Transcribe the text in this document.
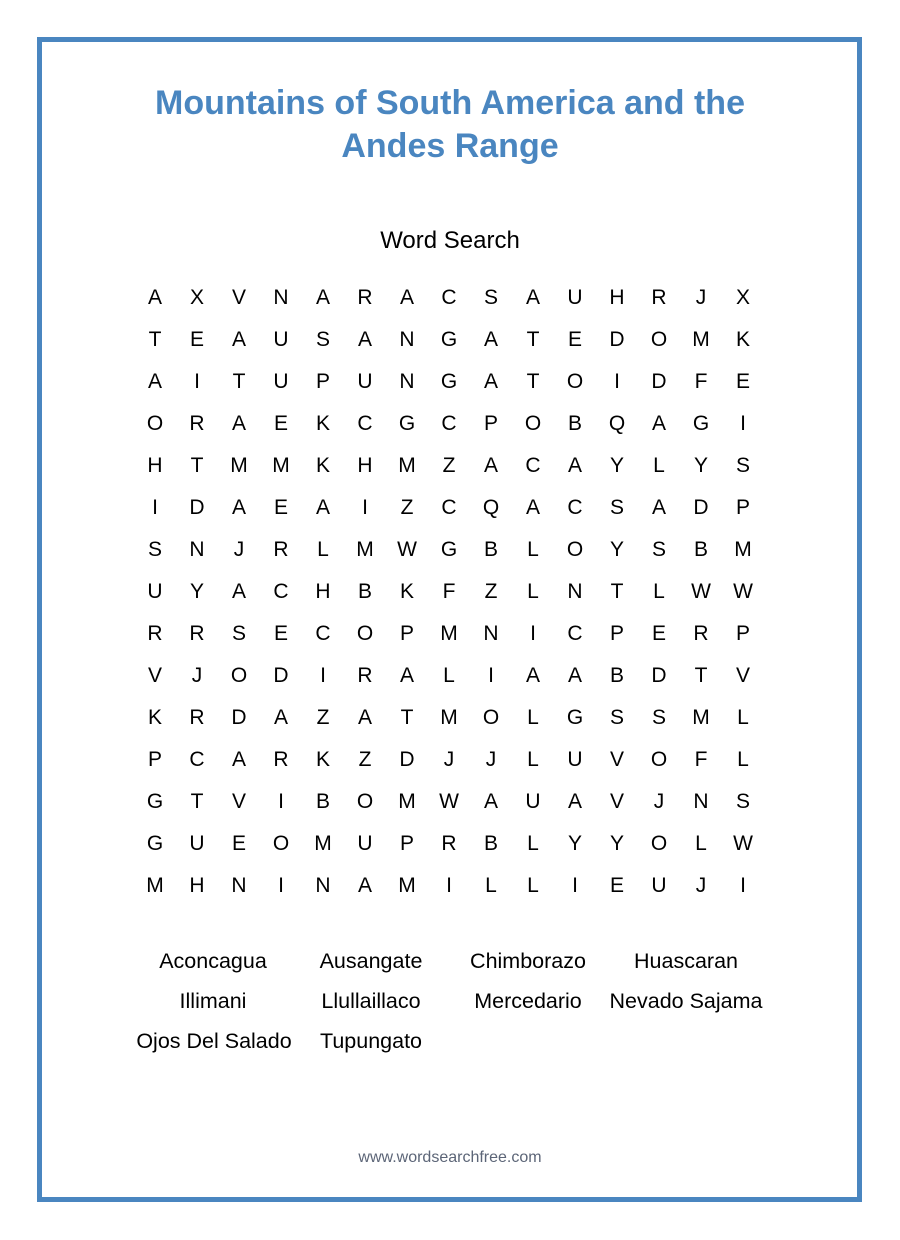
Mountains of South America and the
Andes Range
Word Search
A	X	V	N	A	R	A	C	S	A	U	H	R	J	X
T	E	A	U	S	A	N	G	A	T	E	D	O	M	K
A	I	T	U	P	U	N	G	A	T	O	I	D	F	E
O	R	A	E	K	C	G	C	P	O	B	Q	A	G	I
H	T	M	M	K	H	M	Z	A	C	A	Y	L	Y	S
I	D	A	E	A	I	Z	C	Q	A	C	S	A	D	P
S	N	J	R	L	M	W	G	B	L	O	Y	S	B	M
U	Y	A	C	H	B	K	F	Z	L	N	T	L	W	W
R	R	S	E	C	O	P	M	N	I	C	P	E	R	P
V	J	O	D	I	R	A	L	I	A	A	B	D	T	V
K	R	D	A	Z	A	T	M	O	L	G	S	S	M	L
P	C	A	R	K	Z	D	J	J	L	U	V	O	F	L
G	T	V	I	B	O	M	W	A	U	A	V	J	N	S
G	U	E	O	M	U	P	R	B	L	Y	Y	O	L	W
M	H	N	I	N	A	M	I	L	L	I	E	U	J	I
Aconcagua Ausangate Chimborazo Huascaran
Illimani	Llullaillaco Mercedario Nevado Sajama
Ojos Del Salado Tupungato
www.wordsearchfree.com
